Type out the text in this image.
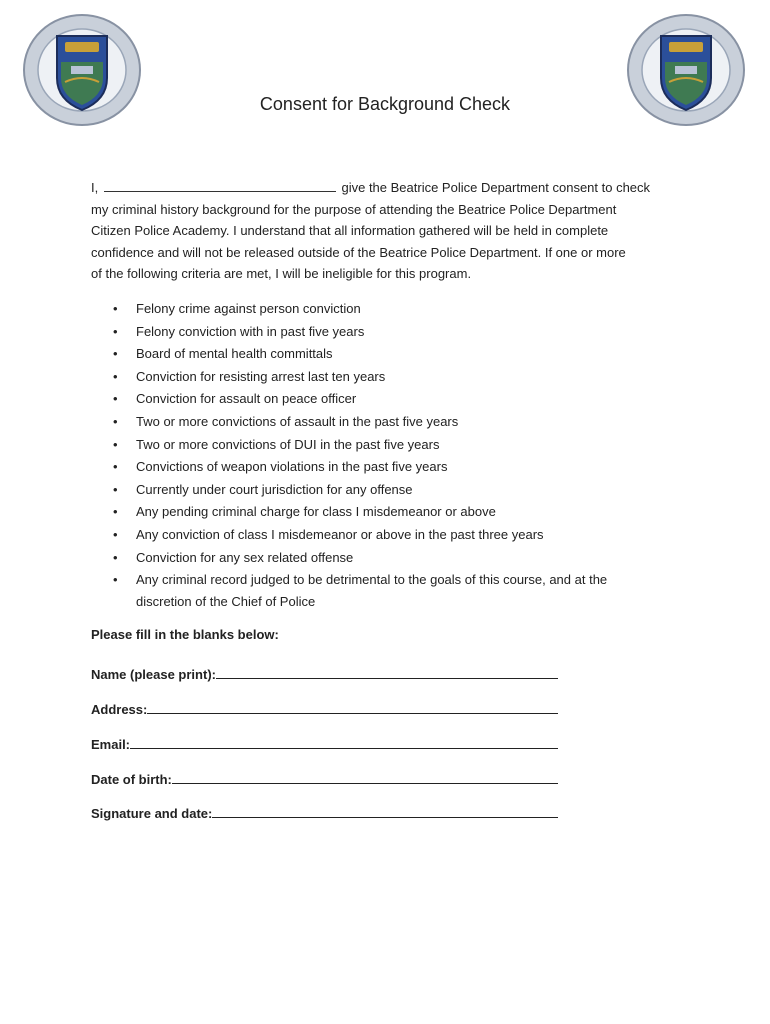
Consent for Background Check
I,	give the Beatrice Police Department consent to check
my criminal history background for the purpose of attending the Beatrice Police Department
Citizen Police Academy. I understand that all information gathered will be held in complete
confidence and will not be released outside of the Beatrice Police Department. If one or more
of the following criteria are met, I will be ineligible for this program.
• Felony crime against person conviction
• Felony conviction with in past five years
• Board of mental health committals
• Conviction for resisting arrest last ten years
• Conviction for assault on peace officer
• Two or more convictions of assault in the past five years
• Two or more convictions of DUI in the past five years
• Convictions of weapon violations in the past five years
• Currently under court jurisdiction for any offense
• Any pending criminal charge for class I misdemeanor or above
• Any conviction of class I misdemeanor or above in the past three years
• Conviction for any sex related offense
• Any criminal record judged to be detrimental to the goals of this course, and at the
discretion of the Chief of Police
Please fill in the blanks below:
Name (please print):
Address:
Email:
Date of birth:
Signature and date:
